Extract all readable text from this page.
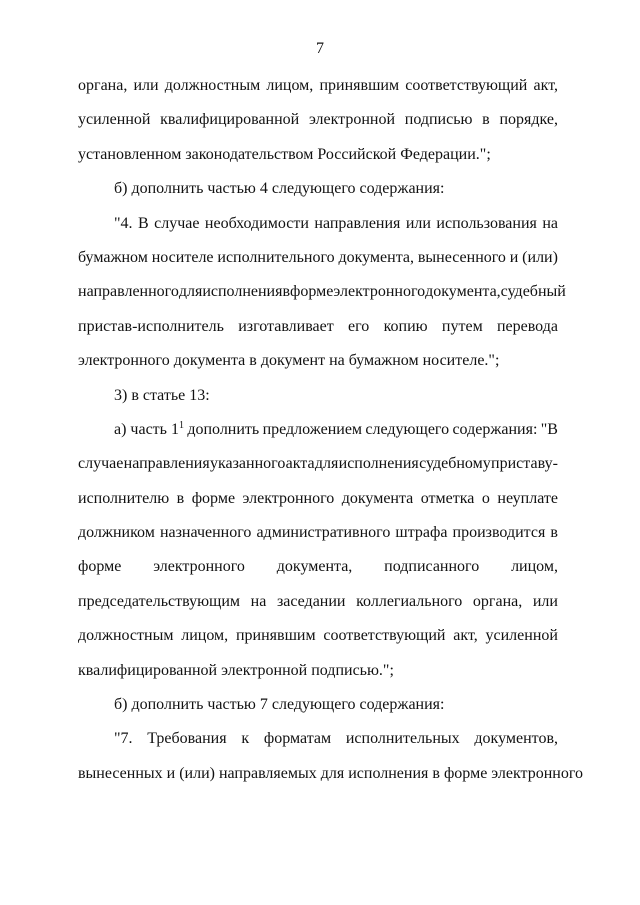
7
органа, или должностным лицом, принявшим соответствующий акт,
усиленной квалифицированной электронной подписью в порядке,
установленном законодательством Российской Федерации.";
б) дополнить частью 4 следующего содержания:
"4. В случае необходимости направления или использования на
бумажном носителе исполнительного документа, вынесенного и (или)
направленного для исполнения в форме электронного документа, судебный
пристав-исполнитель изготавливает его копию путем перевода
электронного документа в документ на бумажном носителе.";
3) в статье 13:
а) часть $1^1$ дополнить предложением следующего содержания: "В
случае направления указанного акта для исполнения судебному приставу-
исполнителю в форме электронного документа отметка о неуплате
должником назначенного административного штрафа производится в
форме электронного документа, подписанного лицом,
председательствующим на заседании коллегиального органа, или
должностным лицом, принявшим соответствующий акт, усиленной
квалифицированной электронной подписью.";
б) дополнить частью 7 следующего содержания:
"7. Требования к форматам исполнительных документов,
вынесенных и (или) направляемых для исполнения в форме электронного
